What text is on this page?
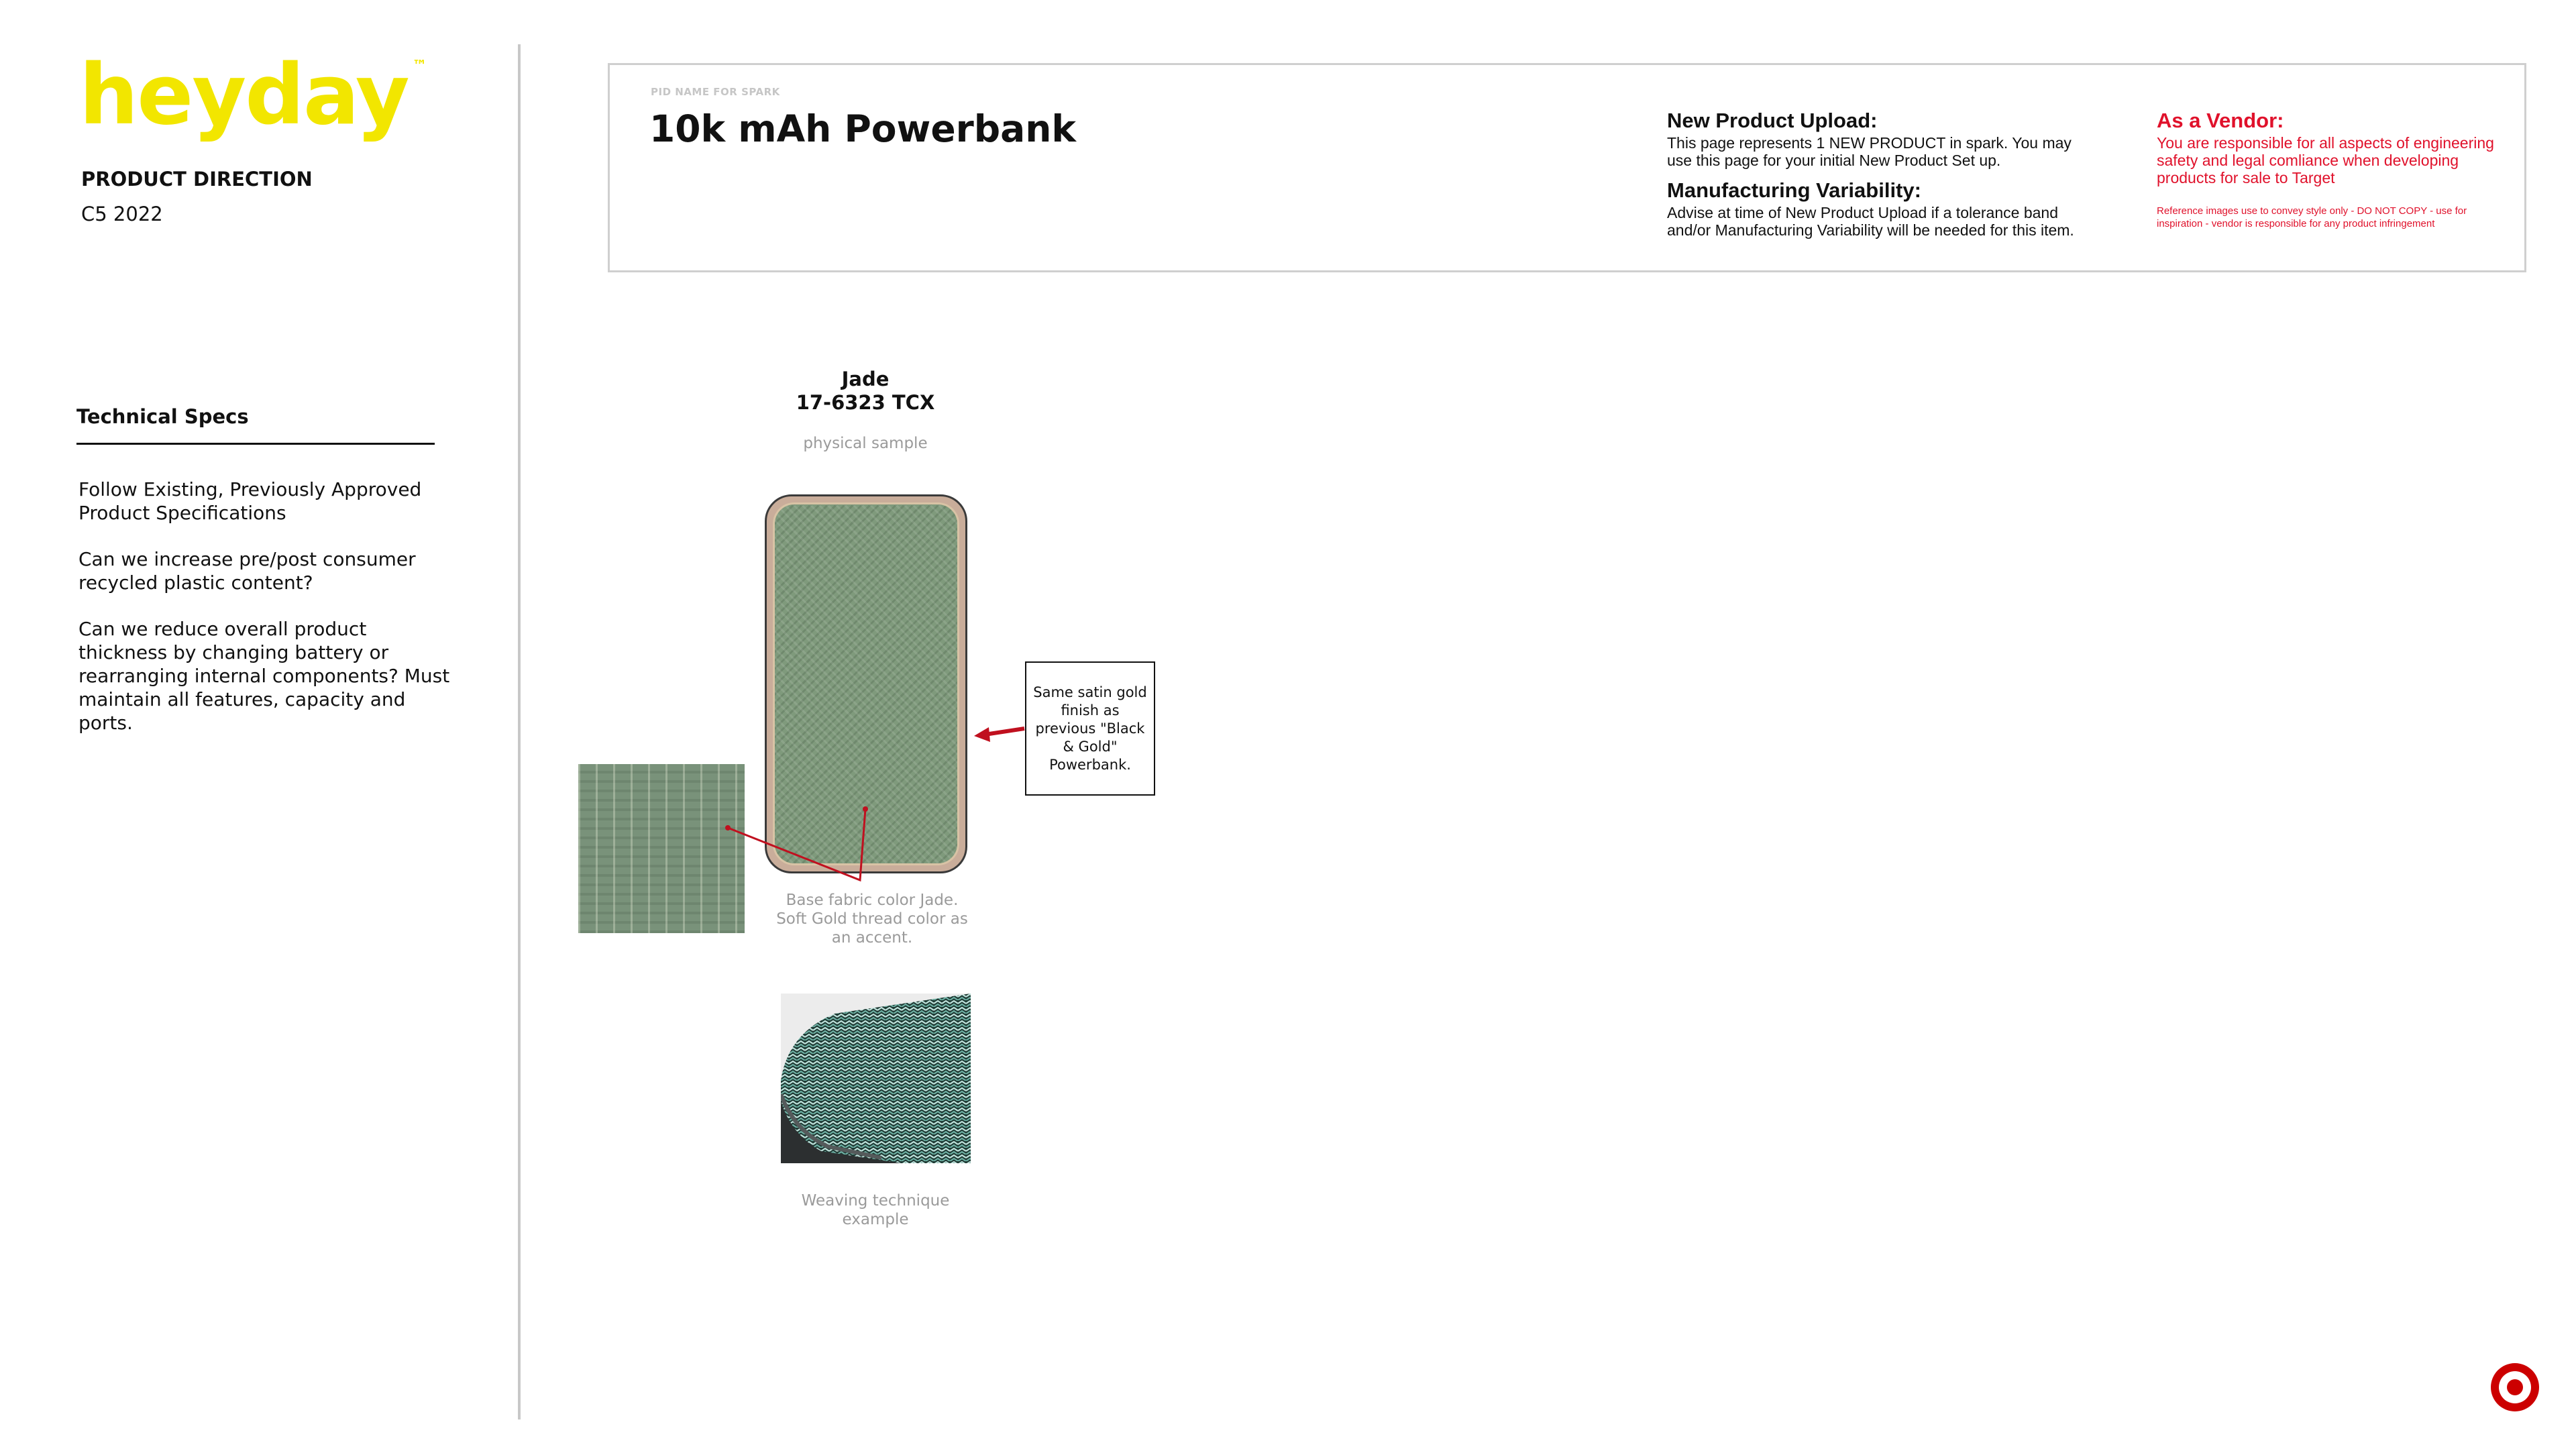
heyday ™
PRODUCT DIRECTION
C5 2022
Technical Specs
Follow Existing, Previously Approved Product Specifications
Can we increase pre/post consumer recycled plastic content?
Can we reduce overall product thickness by changing battery or rearranging internal components? Must maintain all features, capacity and ports.
PID NAME FOR SPARK
10k mAh Powerbank	New Product Upload:
This page represents 1 NEW PRODUCT in spark. You may use this page for your initial New Product Set up.
Manufacturing Variability:
Advise at time of New Product Upload if a tolerance band and/or Manufacturing Variability will be needed for this item.
As a Vendor:
You are responsible for all aspects of engineering safety and legal comliance when developing products for sale to Target
Reference images use to convey style only - DO NOT COPY - use for inspiration - vendor is responsible for any product infringement
Jade
17-6323 TCX
physical sample
Base fabric color Jade. Soft Gold thread color as an accent.
Same satin gold finish as previous "Black & Gold" Powerbank.
Weaving technique example
